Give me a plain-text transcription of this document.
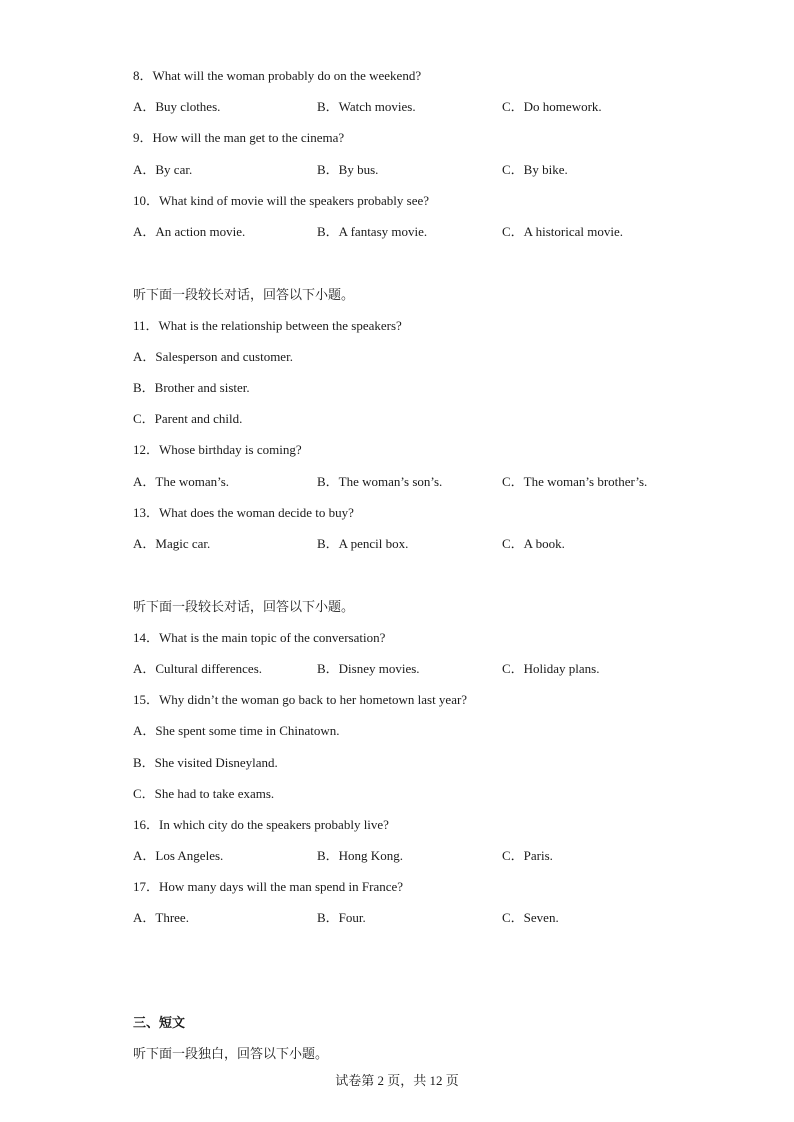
8．What will the woman probably do on the weekend?
A．Buy clothes.	B．Watch movies.	C．Do homework.
9．How will the man get to the cinema?
A．By car.	B．By bus.	C．By bike.
10．What kind of movie will the speakers probably see?
A．An action movie.	B．A fantasy movie.	C．A historical movie.
听下面一段较长对话，回答以下小题。
11．What is the relationship between the speakers?
A．Salesperson and customer.
B．Brother and sister.
C．Parent and child.
12．Whose birthday is coming?
A．The woman’s.	B．The woman’s son’s.	C．The woman’s brother’s.
13．What does the woman decide to buy?
A．Magic car.	B．A pencil box.	C．A book.
听下面一段较长对话，回答以下小题。
14．What is the main topic of the conversation?
A．Cultural differences.	B．Disney movies.	C．Holiday plans.
15．Why didn’t the woman go back to her hometown last year?
A．She spent some time in Chinatown.
B．She visited Disneyland.
C．She had to take exams.
16．In which city do the speakers probably live?
A．Los Angeles.	B．Hong Kong.	C．Paris.
17．How many days will the man spend in France?
A．Three.	B．Four.	C．Seven.
三、短文
听下面一段独白，回答以下小题。
试卷第 2 页，共 12 页
